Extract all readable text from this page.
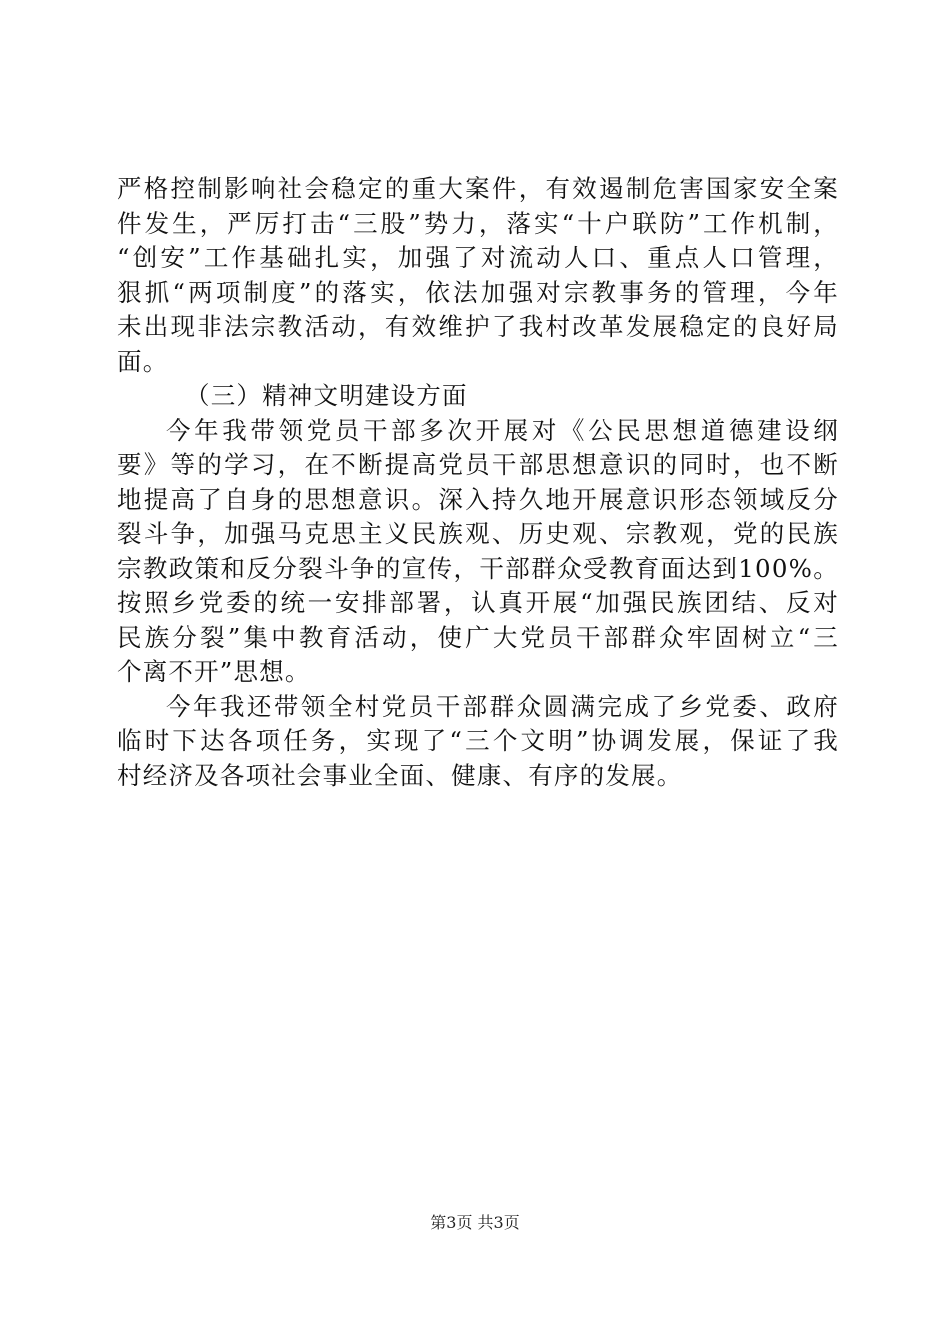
严格控制影响社会稳定的重大案件，有效遏制危害国家安全案
件发生，严厉打击“三股”势力，落实“十户联防”工作机制，
“创安”工作基础扎实，加强了对流动人口、重点人口管理，
狠抓“两项制度”的落实，依法加强对宗教事务的管理，今年
未出现非法宗教活动，有效维护了我村改革发展稳定的良好局
面。
（三）精神文明建设方面
今年我带领党员干部多次开展对《公民思想道德建设纲
要》等的学习，在不断提高党员干部思想意识的同时，也不断
地提高了自身的思想意识。深入持久地开展意识形态领域反分
裂斗争，加强马克思主义民族观、历史观、宗教观，党的民族
宗教政策和反分裂斗争的宣传，干部群众受教育面达到100%。
按照乡党委的统一安排部署，认真开展“加强民族团结、反对
民族分裂”集中教育活动，使广大党员干部群众牢固树立“三
个离不开”思想。
今年我还带领全村党员干部群众圆满完成了乡党委、政府
临时下达各项任务，实现了“三个文明”协调发展，保证了我
村经济及各项社会事业全面、健康、有序的发展。
第3页 共3页
